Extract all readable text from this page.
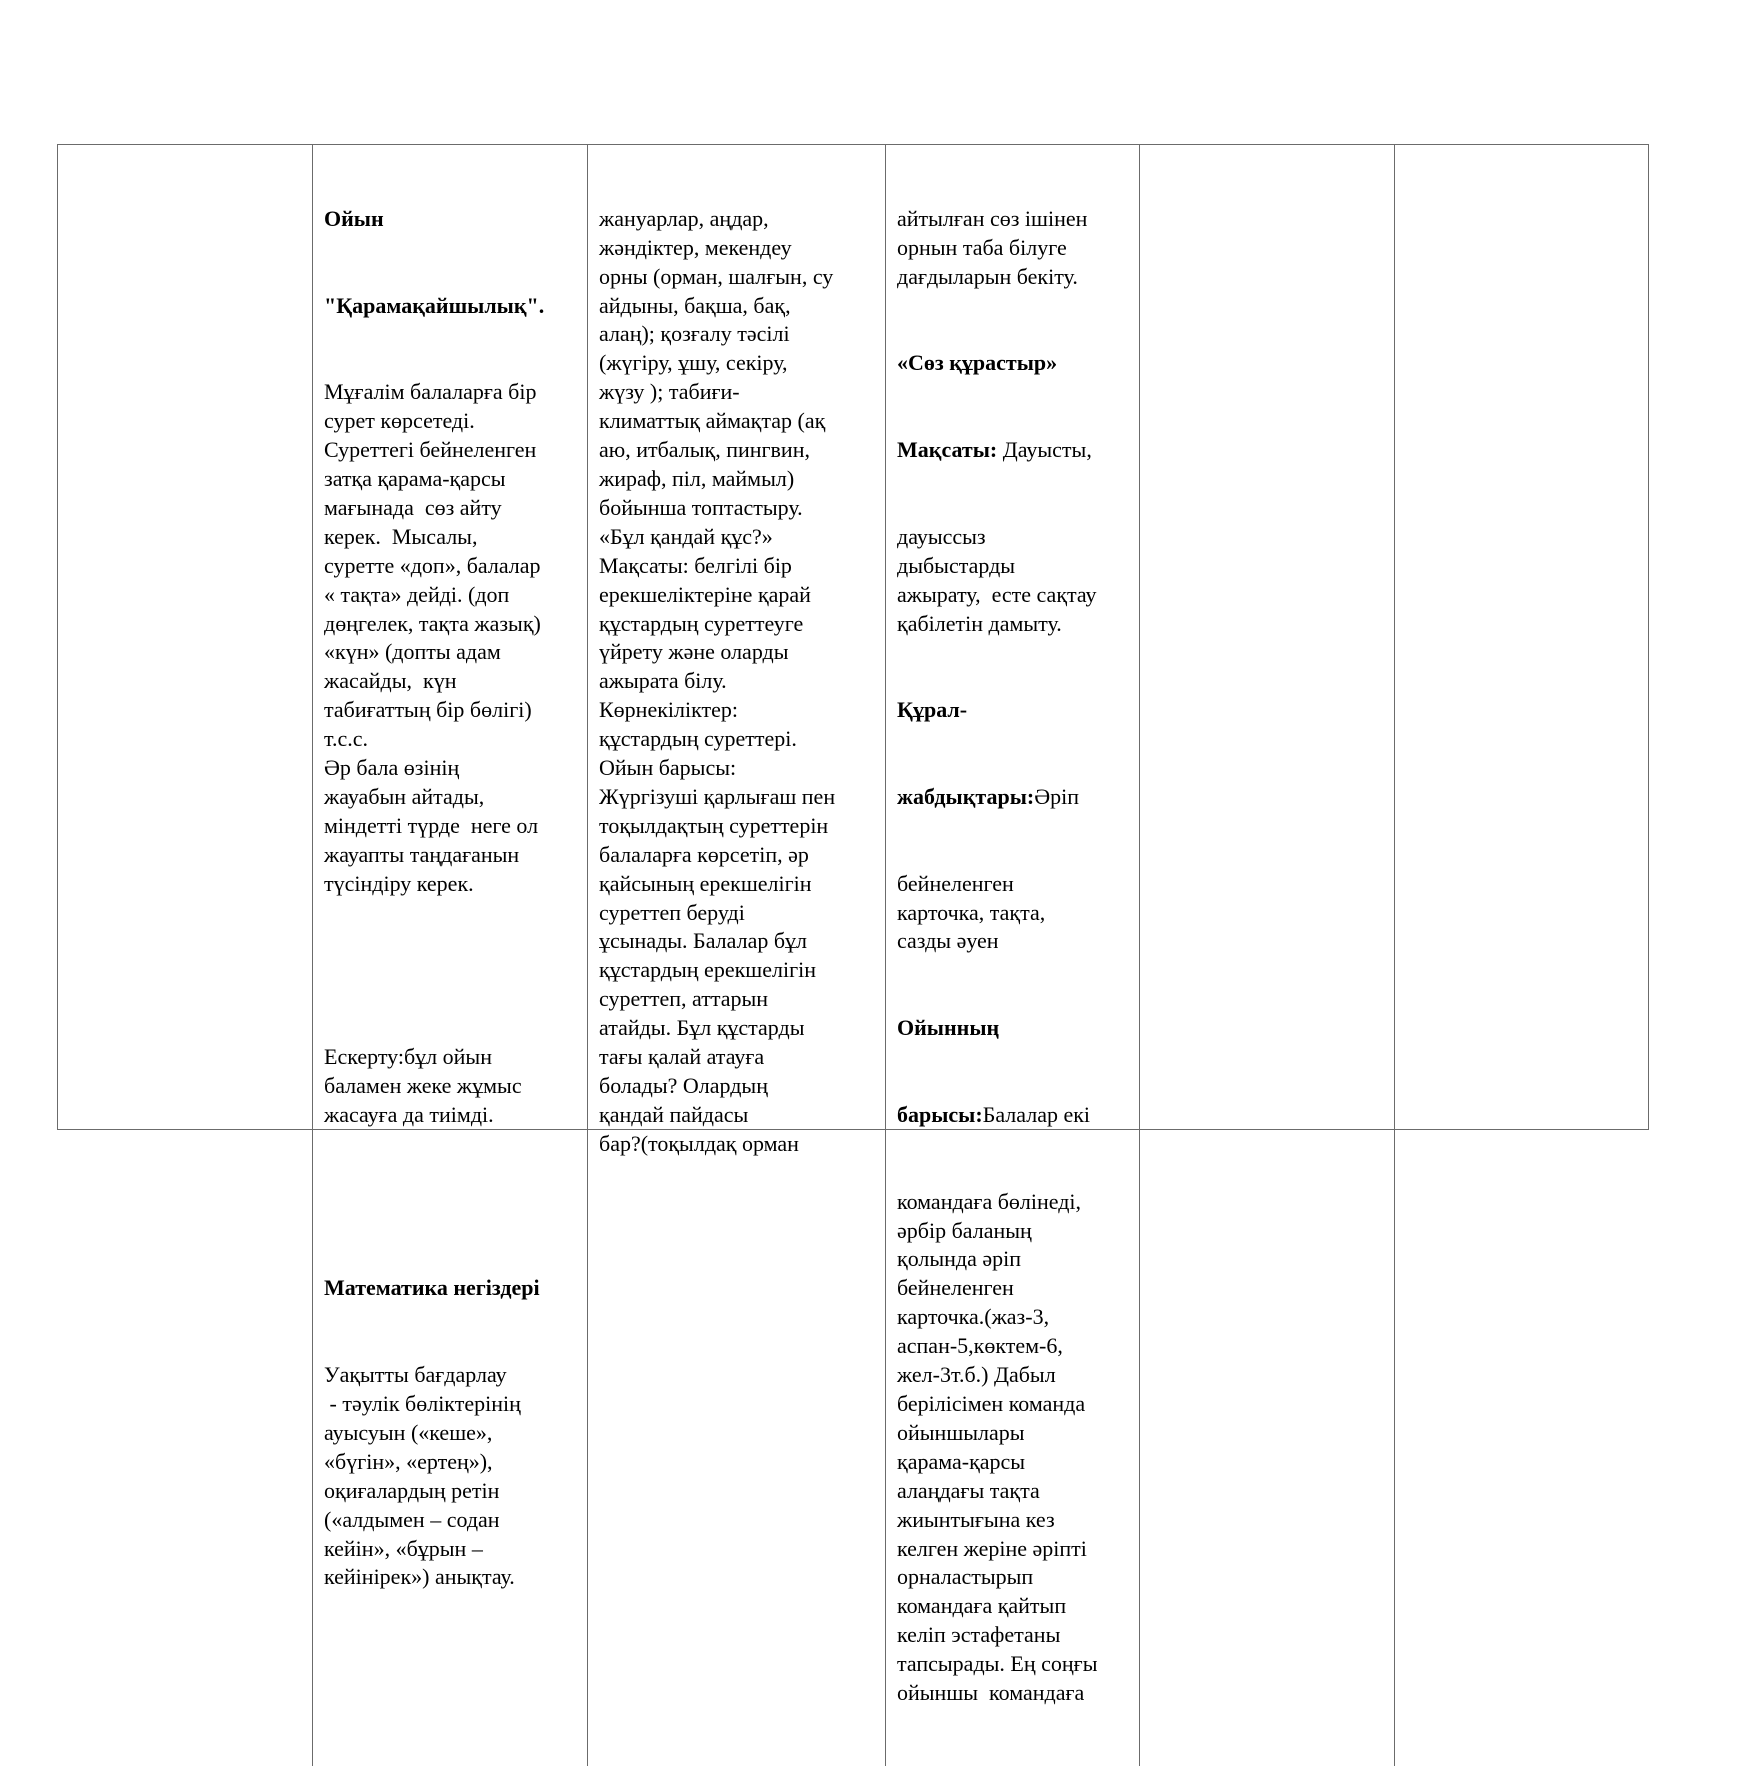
Ойын

"Қарамақайшылық".

Мұғалім балаларға бір

сурет көрсетеді.

Суреттегі бейнеленген

затқа қарама-қарсы

мағынада  сөз айту

керек.  Мысалы,

суретте «доп», балалар

« тақта» дейді. (доп

дөңгелек, тақта жазық)

«күн» (допты адам

жасайды,  күн

табиғаттың бір бөлігі)

т.с.с.

Әр бала өзінің

жауабын айтады,

міндетті түрде  неге ол

жауапты таңдағанын

түсіндіру керек.

Ескерту:бұл ойын

баламен жеке жұмыс

жасауға да тиімді.

Математика негіздері

Уақытты бағдарлау

- тәулік бөліктерінің

ауысуын («кеше»,

«бүгін», «ертең»),

оқиғалардың ретін

(«алдымен – содан

кейін», «бұрын –

кейінірек») анықтау.

жануарлар, аңдар,

жәндіктер, мекендеу

орны (орман, шалғын, су

айдыны, бақша, бақ,

алаң); қозғалу тәсілі

(жүгіру, ұшу, секіру,

жүзу ); табиғи-

климаттық аймақтар (ақ

аю, итбалық, пингвин,

жираф, піл, маймыл)

бойынша топтастыру.

«Бұл қандай құс?»

Мақсаты: белгілі бір

ерекшеліктеріне қарай

құстардың суреттеуге

үйрету және оларды

ажырата білу.

Көрнекіліктер:

құстардың суреттері.

Ойын барысы:

Жүргізуші қарлығаш пен

тоқылдақтың суреттерін

балаларға көрсетіп, әр

қайсының ерекшелігін

суреттеп беруді

ұсынады. Балалар бұл

құстардың ерекшелігін

суреттеп, аттарын

атайды. Бұл құстарды

тағы қалай атауға

болады? Олардың

қандай пайдасы

бар?(тоқылдақ орман

айтылған сөз ішінен

орнын таба білуге

дағдыларын бекіту.

«Сөз құрастыр»

Мақсаты: Дауысты,

дауыссыз

дыбыстарды

ажырату,  есте сақтау

қабілетін дамыту.

Құрал-

жабдықтары:Әріп

бейнеленген

карточка, тақта,

сазды әуен

Ойынның

барысы:Балалар екі

командаға бөлінеді,

әрбір баланың

қолында әріп

бейнеленген

карточка.(жаз-3,

аспан-5,көктем-6,

жел-3т.б.) Дабыл

берілісімен команда

ойыншылары

қарама-қарсы

алаңдағы тақта

жиынтығына кез

келген жеріне әріпті

орналастырып

командаға қайтып

келіп эстафетаны

тапсырады. Ең соңғы

ойыншы  командаға
